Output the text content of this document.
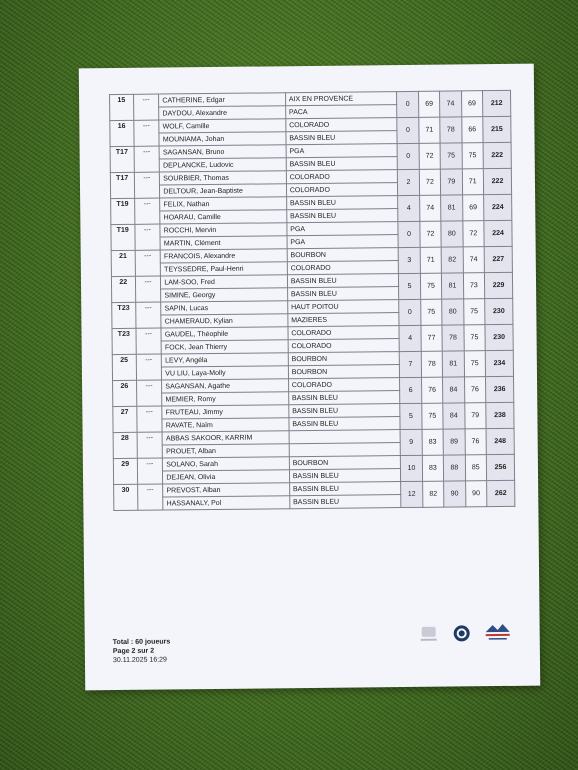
15	---	CATHERINE, Edgar	AIX EN PROVENCE	0	69	74	69	212
		DAYDOU, Alexandre	PACA					
16	---	WOLF, Camille	COLORADO	0	71	78	66	215
		MOUNIAMA, Johan	BASSIN BLEU					
T17	---	SAGANSAN, Bruno	PGA	0	72	75	75	222
		DEPLANCKE, Ludovic	BASSIN BLEU					
T17	---	SOURBIER, Thomas	COLORADO	2	72	79	71	222
		DELTOUR, Jean-Baptiste	COLORADO					
T19	---	FELIX, Nathan	BASSIN BLEU	4	74	81	69	224
		HOARAU, Camille	BASSIN BLEU					
T19	---	ROCCHI, Mervin	PGA	0	72	80	72	224
		MARTIN, Clément	PGA					
21	---	FRANCOIS, Alexandre	BOURBON	3	71	82	74	227
		TEYSSEDRE, Paul-Henri	COLORADO					
22	---	LAM-SOO, Fred	BASSIN BLEU	5	75	81	73	229
		SIMINE, Georgy	BASSIN BLEU					
T23	---	SAPIN, Lucas	HAUT POITOU	0	75	80	75	230
		CHAMERAUD, Kylian	MAZIERES					
T23	---	GAUDEL, Théophile	COLORADO	4	77	78	75	230
		FOCK, Jean Thierry	COLORADO					
25	---	LEVY, Angéla	BOURBON	7	78	81	75	234
		VU LIU, Laya-Molly	BOURBON					
26	---	SAGANSAN, Agathe	COLORADO	6	76	84	76	236
		MEMIER, Romy	BASSIN BLEU					
27	---	FRUTEAU, Jimmy	BASSIN BLEU	5	75	84	79	238
		RAVATE, Naïm	BASSIN BLEU					
28	---	ABBAS SAKOOR, KARRIM		9	83	89	76	248
		PROUET, Alban						
29	---	SOLANO, Sarah	BOURBON	10	83	88	85	256
		DEJEAN, Olivia	BASSIN BLEU					
30	---	PREVOST, Alban	BASSIN BLEU	12	82	90	90	262
		HASSANALY, Pol	BASSIN BLEU					
Total : 60 joueurs
Page 2 sur 2
30.11.2025 16:29
